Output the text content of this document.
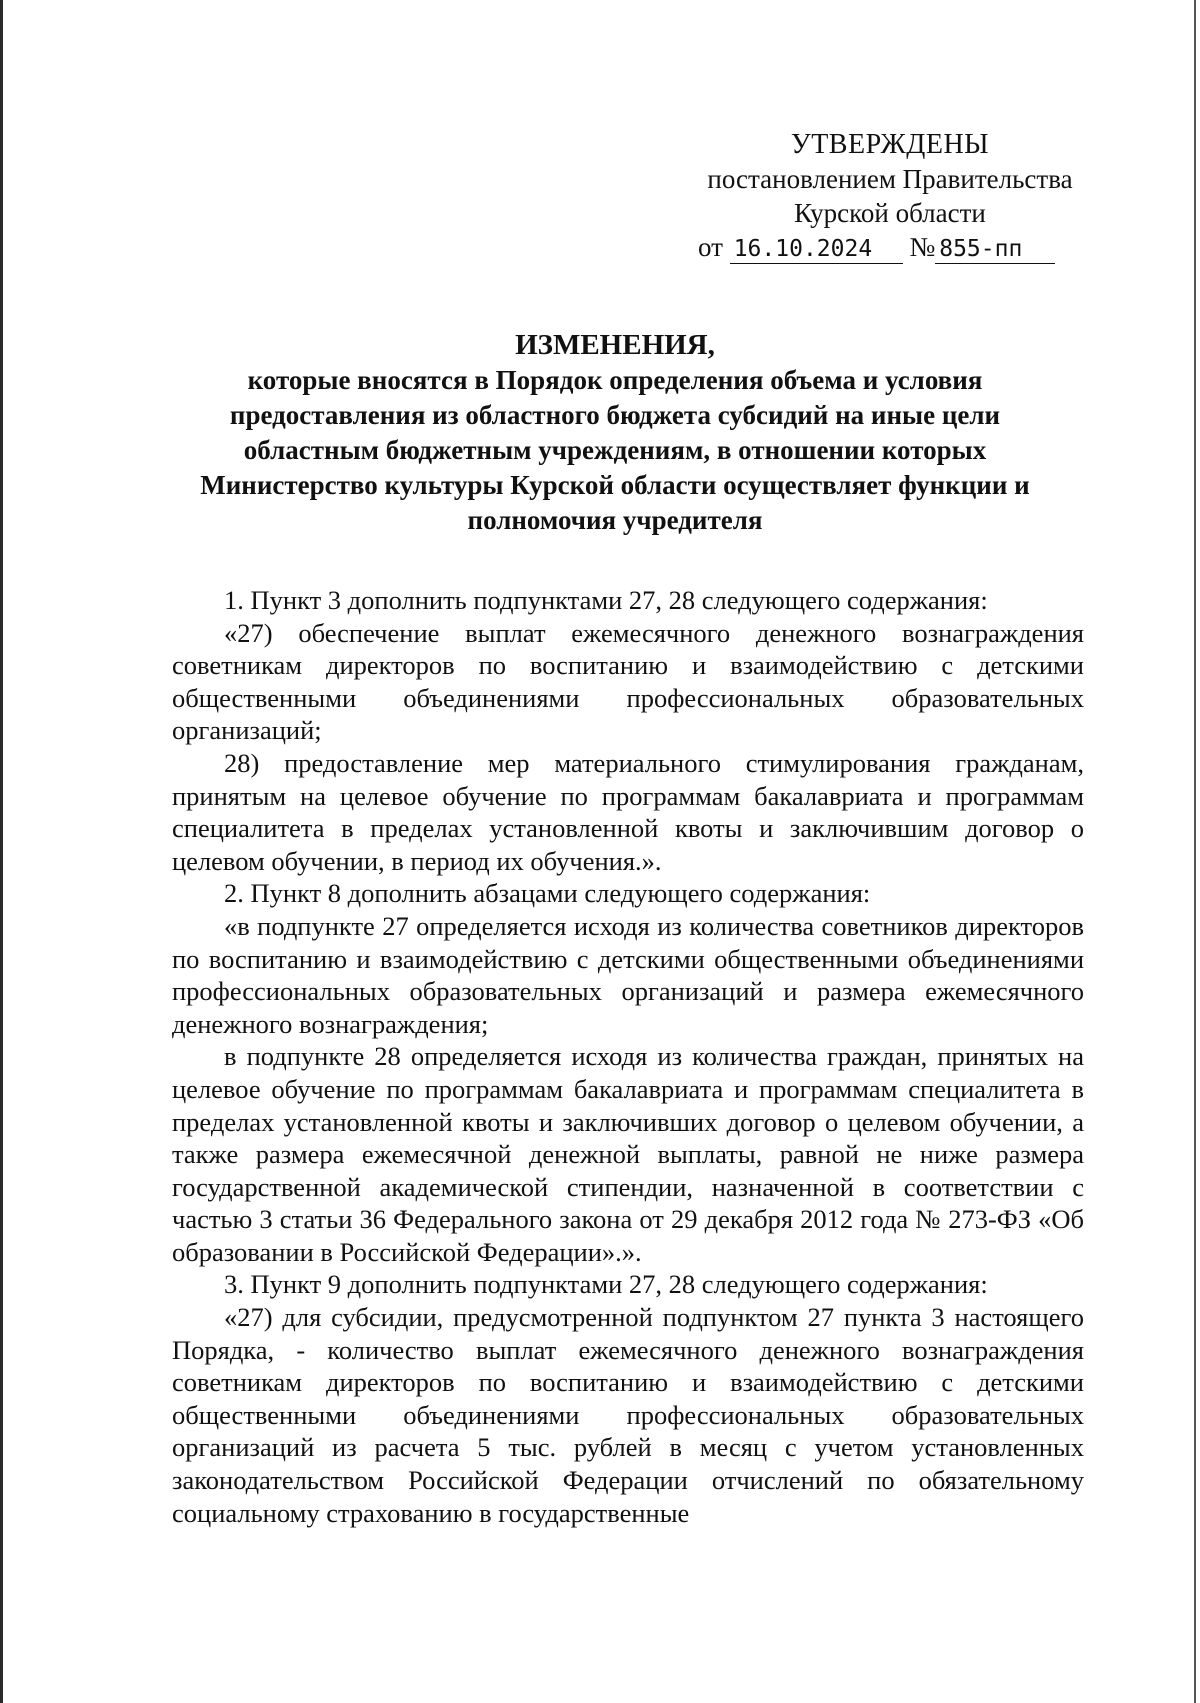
УТВЕРЖДЕНЫ
постановлением Правительства
Курской области
от 16.10.2024 № 855-пп
ИЗМЕНЕНИЯ,
которые вносятся в Порядок определения объема и условия
предоставления из областного бюджета субсидий на иные цели
областным бюджетным учреждениям, в отношении которых
Министерство культуры Курской области осуществляет функции и
полномочия учредителя

1. Пункт 3 дополнить подпунктами 27, 28 следующего содержания:

«27) обеспечение выплат ежемесячного денежного вознаграждения советникам директоров по воспитанию и взаимодействию с детскими общественными объединениями профессиональных образовательных организаций;

28) предоставление мер материального стимулирования гражданам, принятым на целевое обучение по программам бакалавриата и программам специалитета в пределах установленной квоты и заключившим договор о целевом обучении, в период их обучения.».

2. Пункт 8 дополнить абзацами следующего содержания:

«в подпункте 27 определяется исходя из количества советников директоров по воспитанию и взаимодействию с детскими общественными объединениями профессиональных образовательных организаций и размера ежемесячного денежного вознаграждения;

в подпункте 28 определяется исходя из количества граждан, принятых на целевое обучение по программам бакалавриата и программам специалитета в пределах установленной квоты и заключивших договор о целевом обучении, а также размера ежемесячной денежной выплаты, равной не ниже размера государственной академической стипендии, назначенной в соответствии с частью 3 статьи 36 Федерального закона от 29 декабря 2012 года № 273-ФЗ «Об образовании в Российской Федерации».».

3. Пункт 9 дополнить подпунктами 27, 28 следующего содержания:

«27) для субсидии, предусмотренной подпунктом 27 пункта 3 настоящего Порядка, - количество выплат ежемесячного денежного вознаграждения советникам директоров по воспитанию и взаимодействию с детскими общественными объединениями профессиональных образовательных организаций из расчета 5 тыс. рублей в месяц с учетом установленных законодательством Российской Федерации отчислений по обязательному социальному страхованию в государственные
